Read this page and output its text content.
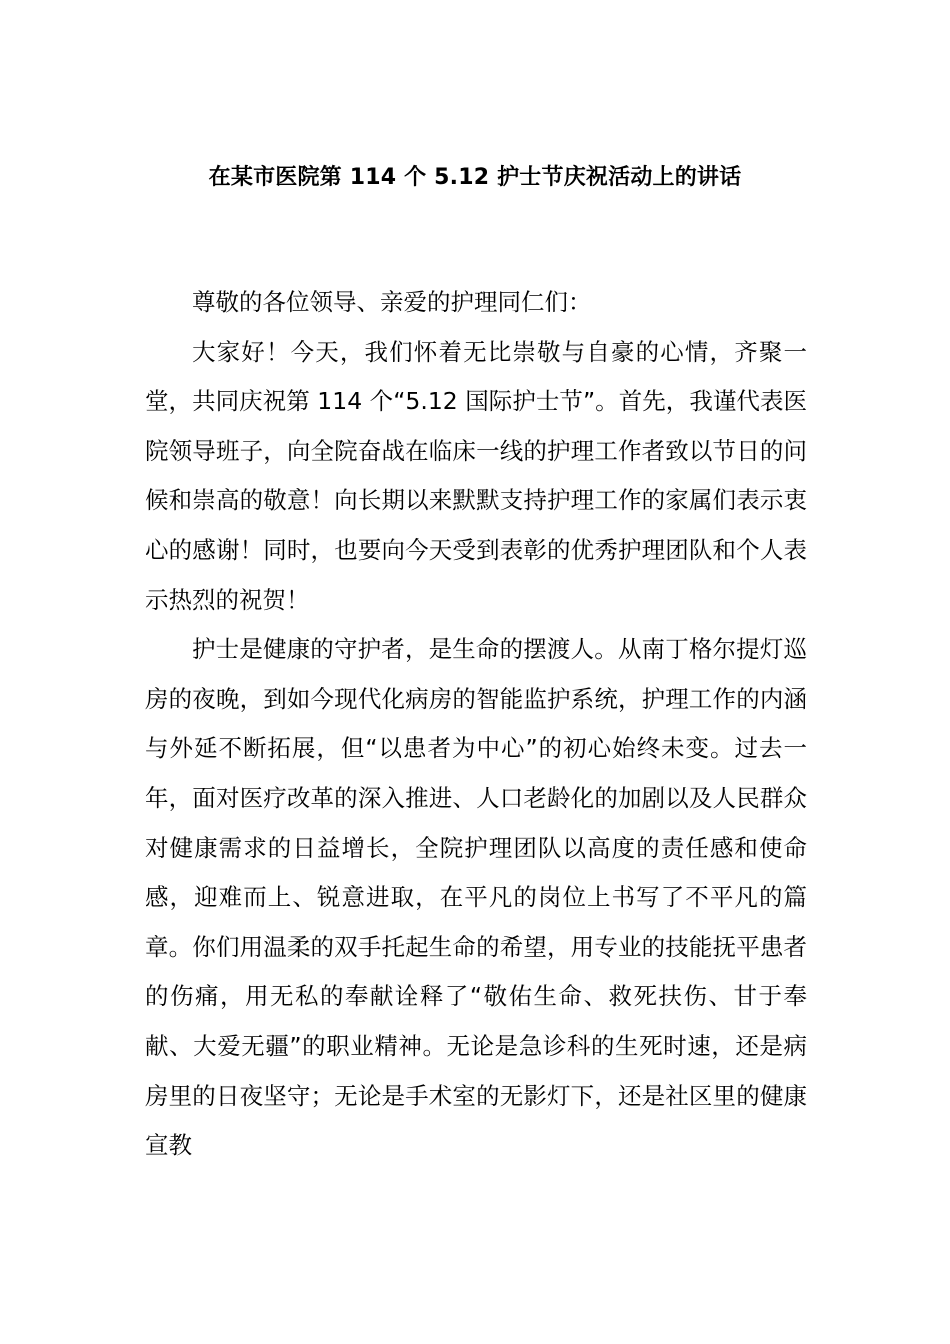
在某市医院第 114 个 5.12 护士节庆祝活动上的讲话

尊敬的各位领导、亲爱的护理同仁们：

大家好！今天，我们怀着无比崇敬与自豪的心情，齐聚一堂，共同庆祝第 114 个“5.12 国际护士节”。首先，我谨代表医院领导班子，向全院奋战在临床一线的护理工作者致以节日的问候和崇高的敬意！向长期以来默默支持护理工作的家属们表示衷心的感谢！同时，也要向今天受到表彰的优秀护理团队和个人表示热烈的祝贺！

护士是健康的守护者，是生命的摆渡人。从南丁格尔提灯巡房的夜晚，到如今现代化病房的智能监护系统，护理工作的内涵与外延不断拓展，但“以患者为中心”的初心始终未变。过去一年，面对医疗改革的深入推进、人口老龄化的加剧以及人民群众对健康需求的日益增长，全院护理团队以高度的责任感和使命感，迎难而上、锐意进取，在平凡的岗位上书写了不平凡的篇章。你们用温柔的双手托起生命的希望，用专业的技能抚平患者的伤痛，用无私的奉献诠释了“敬佑生命、救死扶伤、甘于奉献、大爱无疆”的职业精神。无论是急诊科的生死时速，还是病房里的日夜坚守；无论是手术室的无影灯下，还是社区里的健康宣教
